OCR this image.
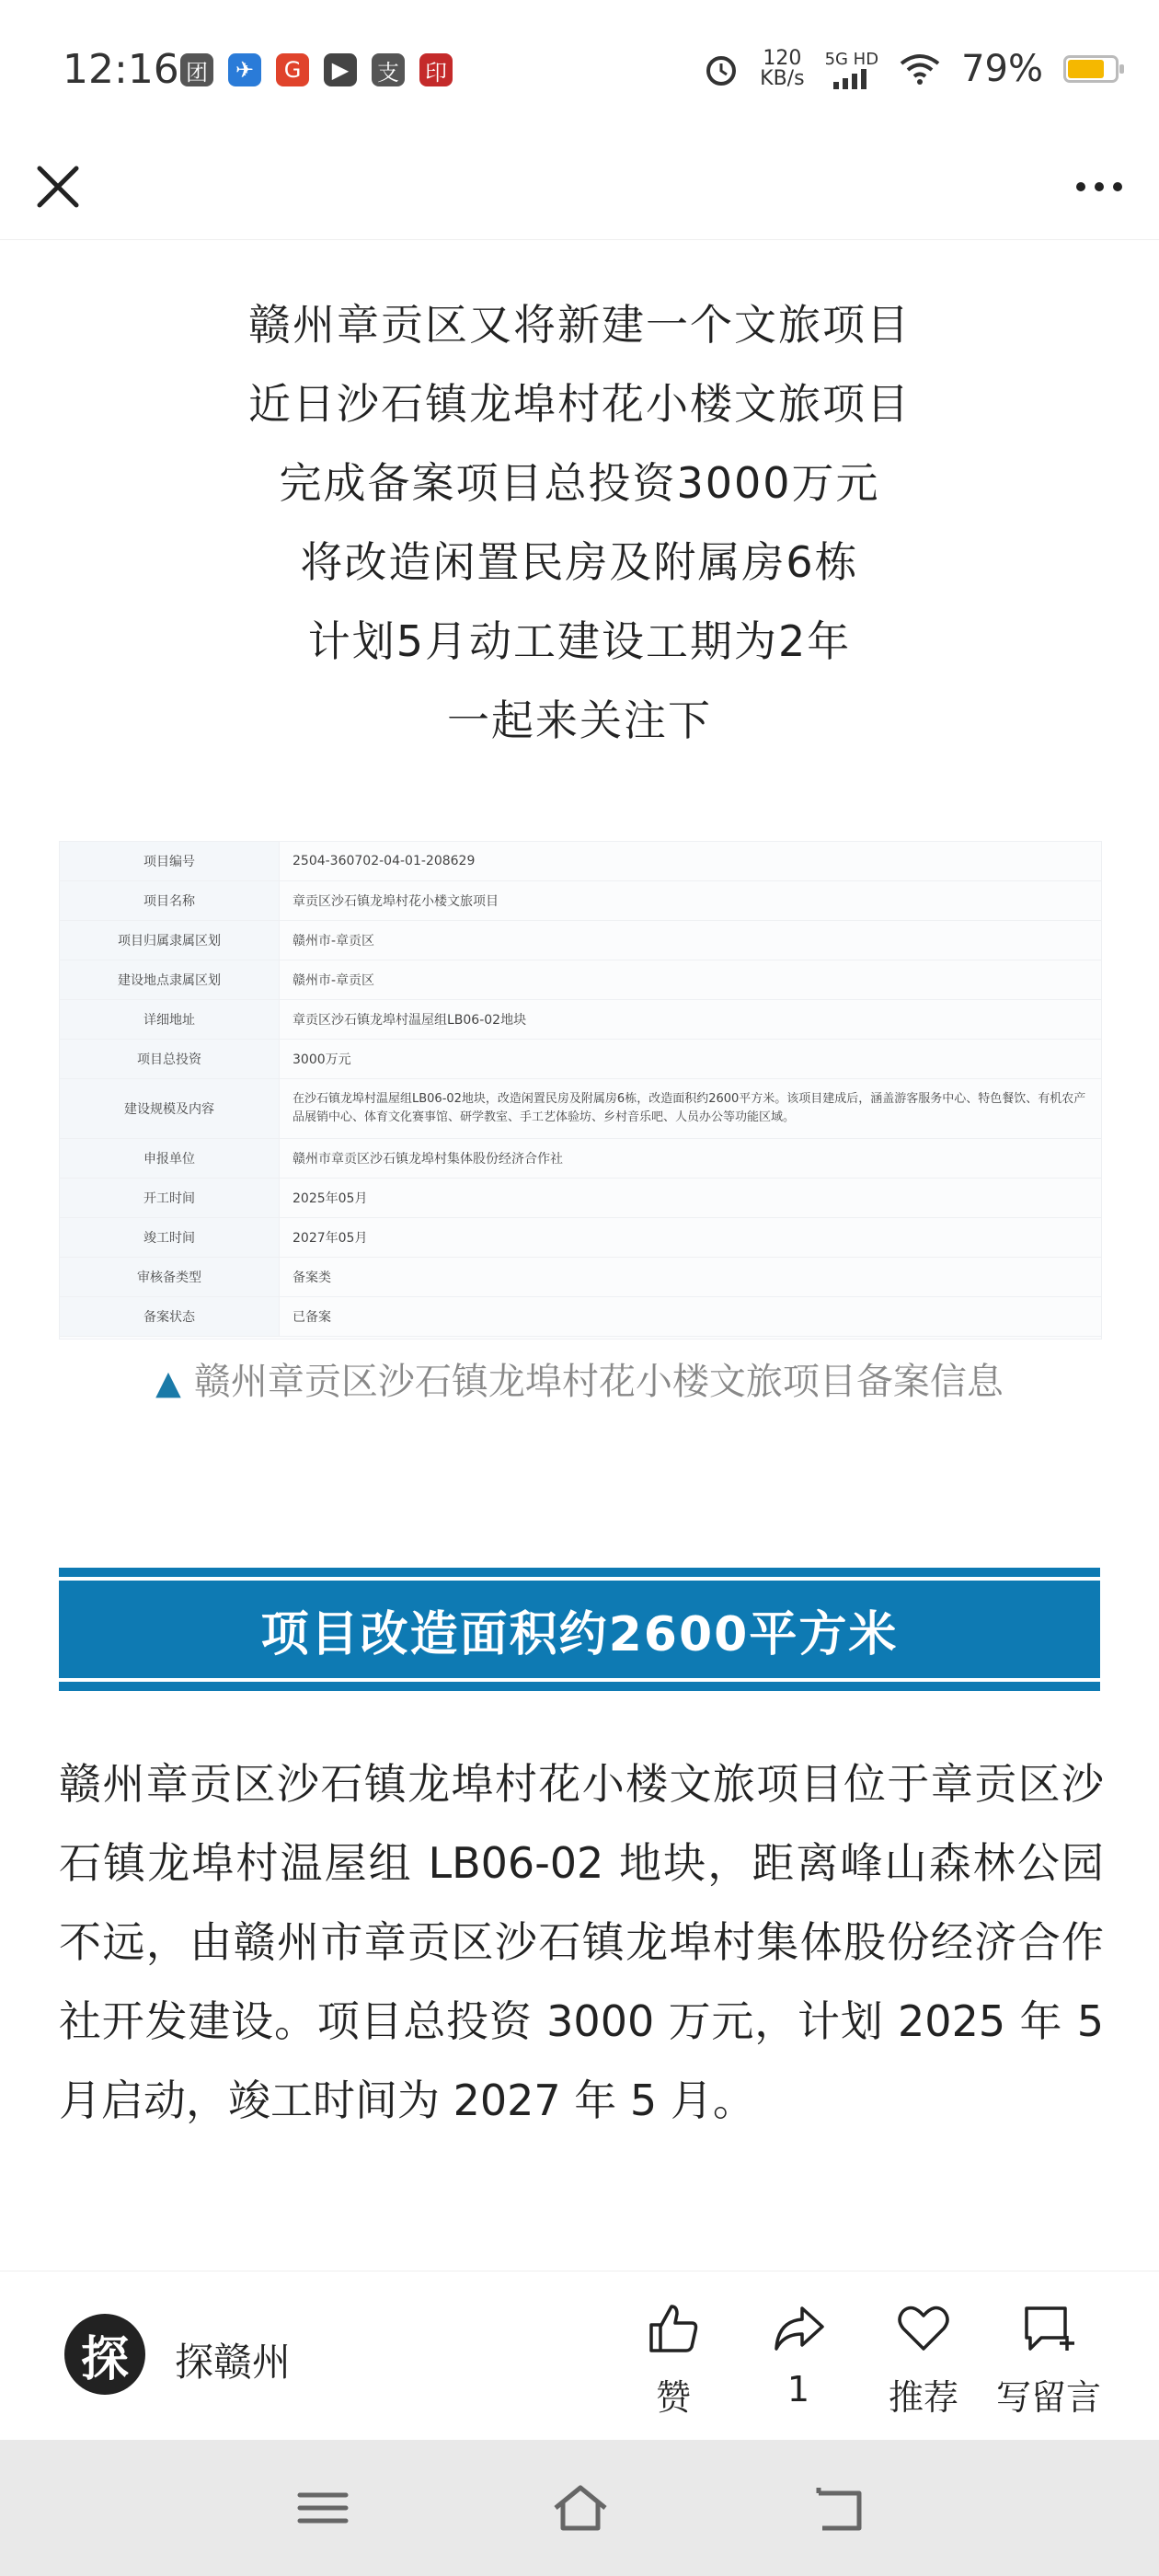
12:16 团	✈	G	▶	支 印
120
KB/s
5G HD 79%
赣州章贡区又将新建一个文旅项目
近日沙石镇龙埠村花小楼文旅项目
完成备案项目总投资3000万元
将改造闲置民房及附属房6栋
计划5月动工建设工期为2年
一起来关注下
项目编号	2504-360702-04-01-208629
项目名称	章贡区沙石镇龙埠村花小楼文旅项目
项目归属隶属区划	赣州市-章贡区
建设地点隶属区划	赣州市-章贡区
详细地址	章贡区沙石镇龙埠村温屋组LB06-02地块
项目总投资	3000万元
建设规模及内容	在沙石镇龙埠村温屋组LB06-02地块，改造闲置民房及附属房6栋，改造面积约2600平方米。该项目建成后，涵盖游客服务中心、特色餐饮、有机农产品展销中心、体育文化赛事馆、研学教室、手工艺体验坊、乡村音乐吧、人员办公等功能区域。
申报单位	赣州市章贡区沙石镇龙埠村集体股份经济合作社
开工时间	2025年05月
竣工时间	2027年05月
审核备类型	备案类
备案状态	已备案
▲ 赣州章贡区沙石镇龙埠村花小楼文旅项目备案信息
项目改造面积约2600平方米
赣州章贡区沙石镇龙埠村花小楼文旅项目位于章贡区沙石镇龙埠村温屋组 LB06-02 地块，距离峰山森林公园不远，由赣州市章贡区沙石镇龙埠村集体股份经济合作社开发建设。项目总投资 3000 万元，计划 2025 年 5 月启动，竣工时间为 2027 年 5 月。
探	探赣州
赞	1	推荐	写留言
